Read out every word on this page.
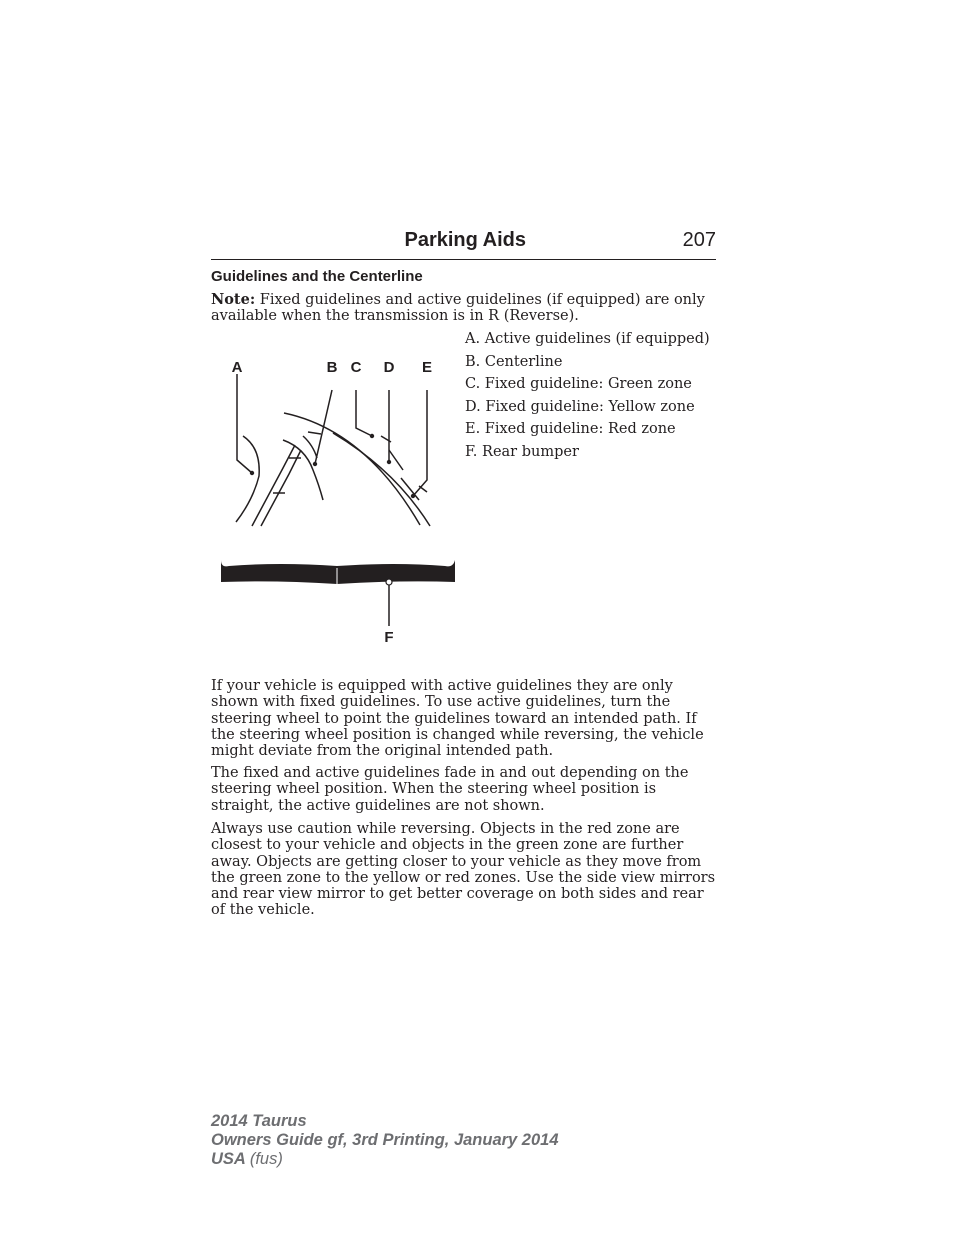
Parking Aids	207
Guidelines and the Centerline

Note: Fixed guidelines and active guidelines (if equipped) are only available when the transmission is in R (Reverse).

A	B C D E
F
A. Active guidelines (if equipped)
B. Centerline
C. Fixed guideline: Green zone
D. Fixed guideline: Yellow zone
E. Fixed guideline: Red zone
F. Rear bumper

If your vehicle is equipped with active guidelines they are only shown with fixed guidelines. To use active guidelines, turn the steering wheel to point the guidelines toward an intended path. If the steering wheel position is changed while reversing, the vehicle might deviate from the original intended path.

The fixed and active guidelines fade in and out depending on the steering wheel position. When the steering wheel position is straight, the active guidelines are not shown.

Always use caution while reversing. Objects in the red zone are closest to your vehicle and objects in the green zone are further away. Objects are getting closer to your vehicle as they move from the green zone to the yellow or red zones. Use the side view mirrors and rear view mirror to get better coverage on both sides and rear of the vehicle.

2014 Taurus
Owners Guide gf, 3rd Printing, January 2014
USA (fus)
